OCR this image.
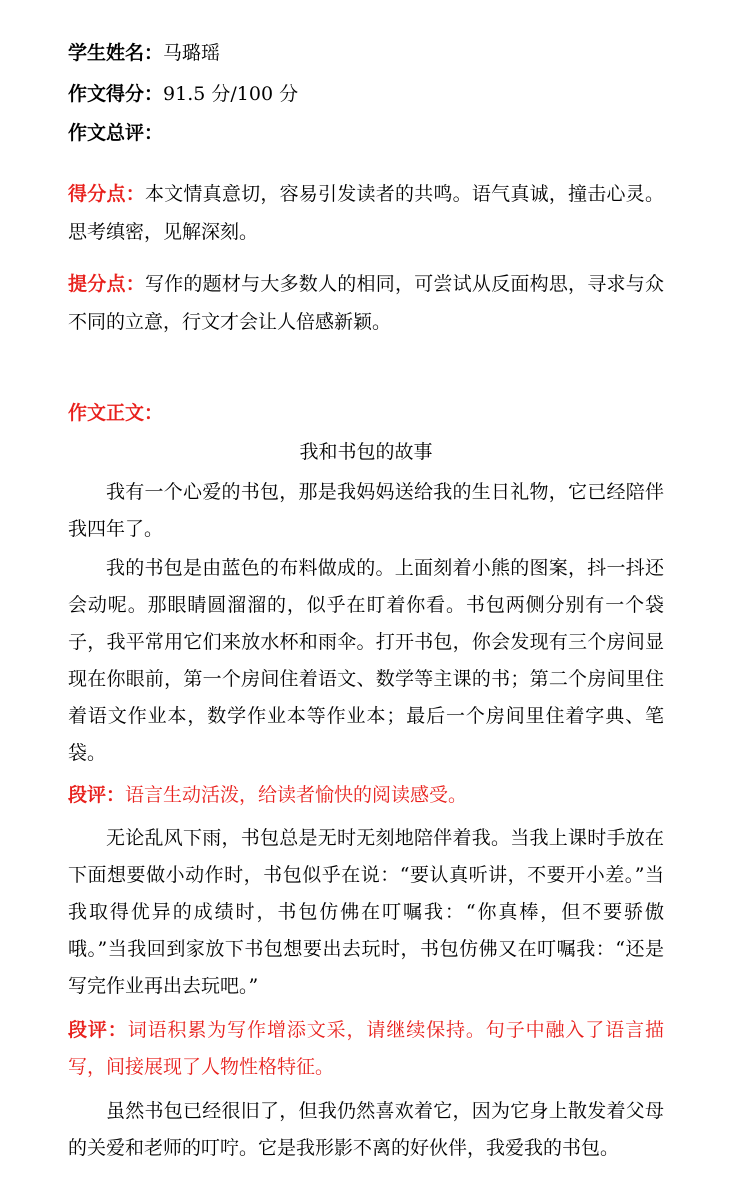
学生姓名：马璐瑶
作文得分：91.5 分/100 分
作文总评：
得分点：本文情真意切，容易引发读者的共鸣。语气真诚，撞击心灵。思考缜密，见解深刻。
提分点：写作的题材与大多数人的相同，可尝试从反面构思，寻求与众不同的立意，行文才会让人倍感新颖。
作文正文：
我和书包的故事
我有一个心爱的书包，那是我妈妈送给我的生日礼物，它已经陪伴我四年了。
我的书包是由蓝色的布料做成的。上面刻着小熊的图案，抖一抖还会动呢。那眼睛圆溜溜的，似乎在盯着你看。书包两侧分别有一个袋子，我平常用它们来放水杯和雨伞。打开书包，你会发现有三个房间显现在你眼前，第一个房间住着语文、数学等主课的书；第二个房间里住着语文作业本，数学作业本等作业本；最后一个房间里住着字典、笔袋。
段评：语言生动活泼，给读者愉快的阅读感受。
无论乱风下雨，书包总是无时无刻地陪伴着我。当我上课时手放在下面想要做小动作时，书包似乎在说：“要认真听讲，不要开小差。”当我取得优异的成绩时，书包仿佛在叮嘱我：“你真棒，但不要骄傲哦。”当我回到家放下书包想要出去玩时，书包仿佛又在叮嘱我：“还是写完作业再出去玩吧。”
段评：词语积累为写作增添文采，请继续保持。句子中融入了语言描写，间接展现了人物性格特征。
虽然书包已经很旧了，但我仍然喜欢着它，因为它身上散发着父母的关爱和老师的叮咛。它是我形影不离的好伙伴，我爱我的书包。
